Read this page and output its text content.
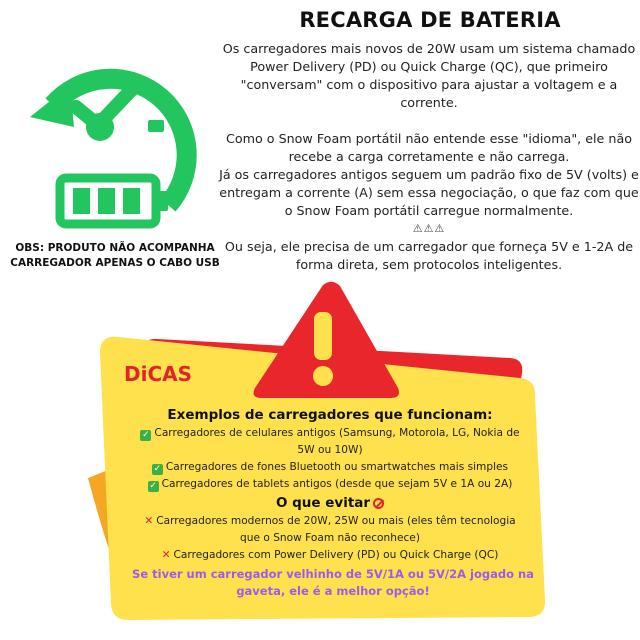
OBS: PRODUTO NÃO ACOMPANHA CARREGADOR APENAS O CABO USB
RECARGA DE BATERIA

Os carregadores mais novos de 20W usam um sistema chamado Power Delivery (PD) ou Quick Charge (QC), que primeiro "conversam" com o dispositivo para ajustar a voltagem e a corrente.

Como o Snow Foam portátil não entende esse "idioma", ele não recebe a carga corretamente e não carrega.

Já os carregadores antigos seguem um padrão fixo de 5V (volts) e entregam a corrente (A) sem essa negociação, o que faz com que o Snow Foam portátil carregue normalmente.

⚠⚠⚠

Ou seja, ele precisa de um carregador que forneça 5V e 1-2A de forma direta, sem protocolos inteligentes.

DiCAS

Exemplos de carregadores que funcionam:

✓ Carregadores de celulares antigos (Samsung, Motorola, LG, Nokia de 5W ou 10W)

✓ Carregadores de fones Bluetooth ou smartwatches mais simples

✓ Carregadores de tablets antigos (desde que sejam 5V e 1A ou 2A)

O que evitar

✕ Carregadores modernos de 20W, 25W ou mais (eles têm tecnologia que o Snow Foam não reconhece)

✕ Carregadores com Power Delivery (PD) ou Quick Charge (QC)

Se tiver um carregador velhinho de 5V/1A ou 5V/2A jogado na gaveta, ele é a melhor opção!
